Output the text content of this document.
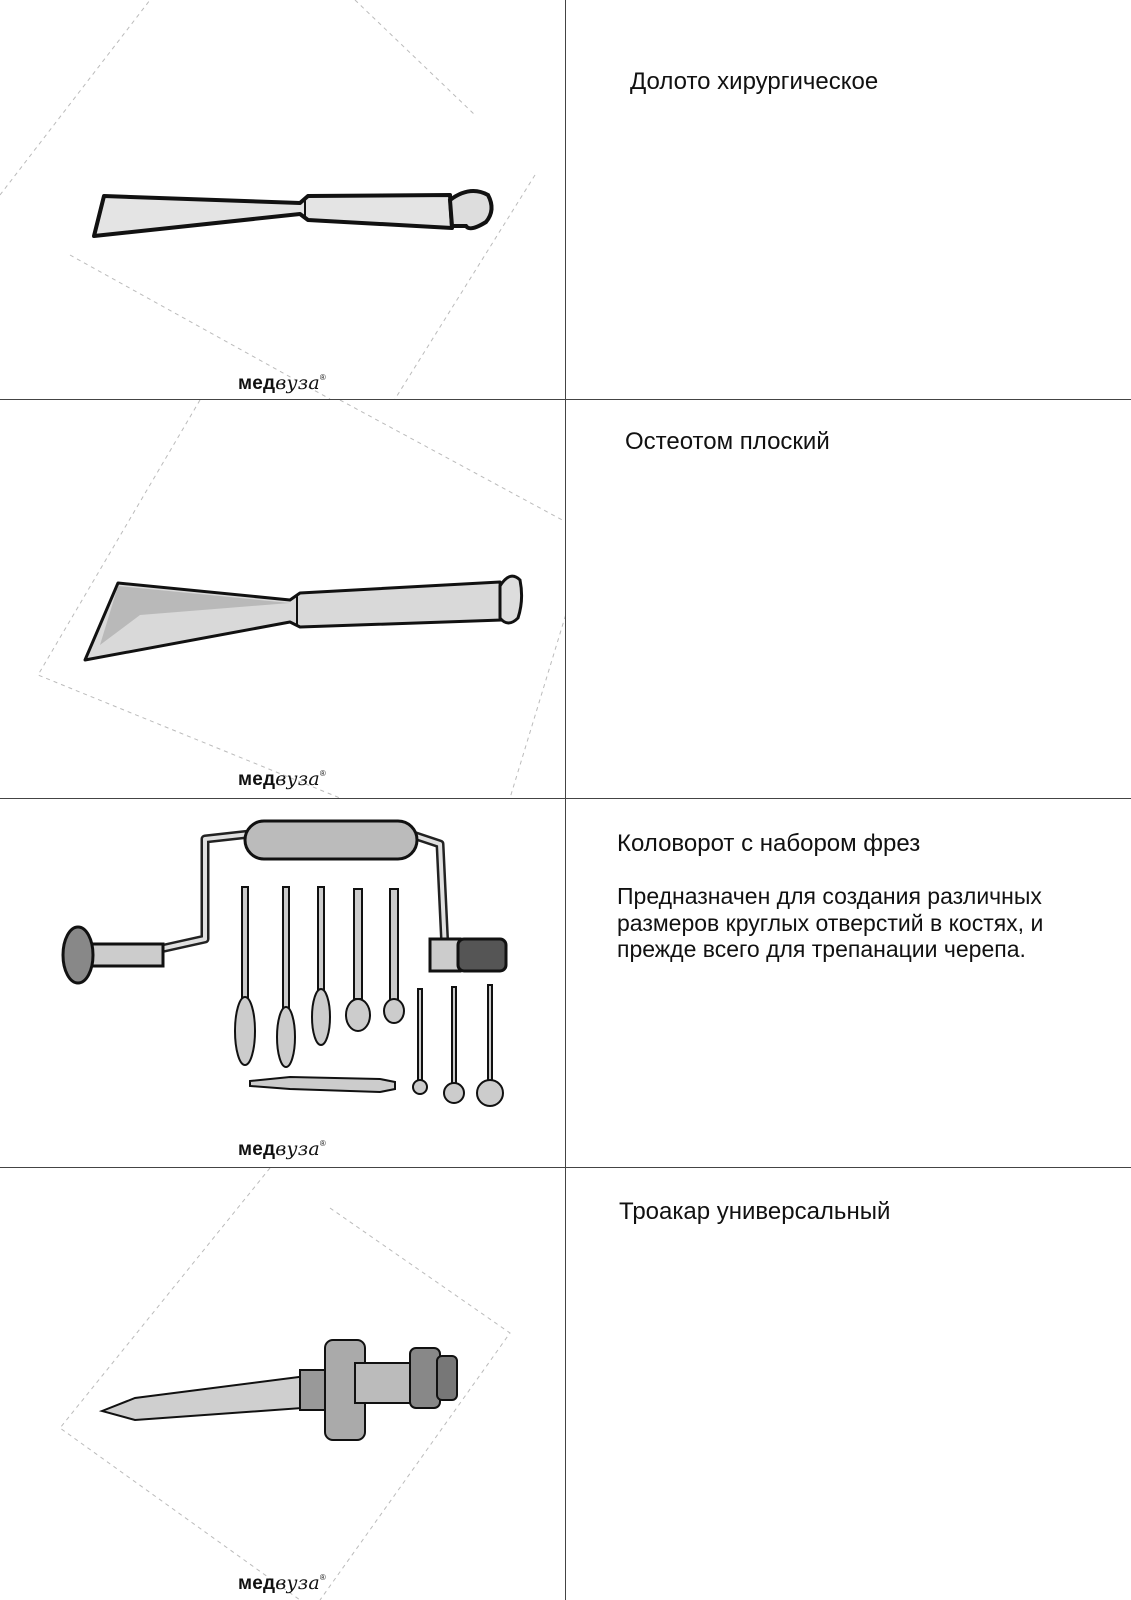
медвуза®
Долото хирургическое
медвуза®
Остеотом плоский
медвуза®
Коловорот с набором фрез
Предназначен для создания различных размеров круглых отверстий в костях, и прежде всего для трепанации черепа.
медвуза®
Троакар универсальный
